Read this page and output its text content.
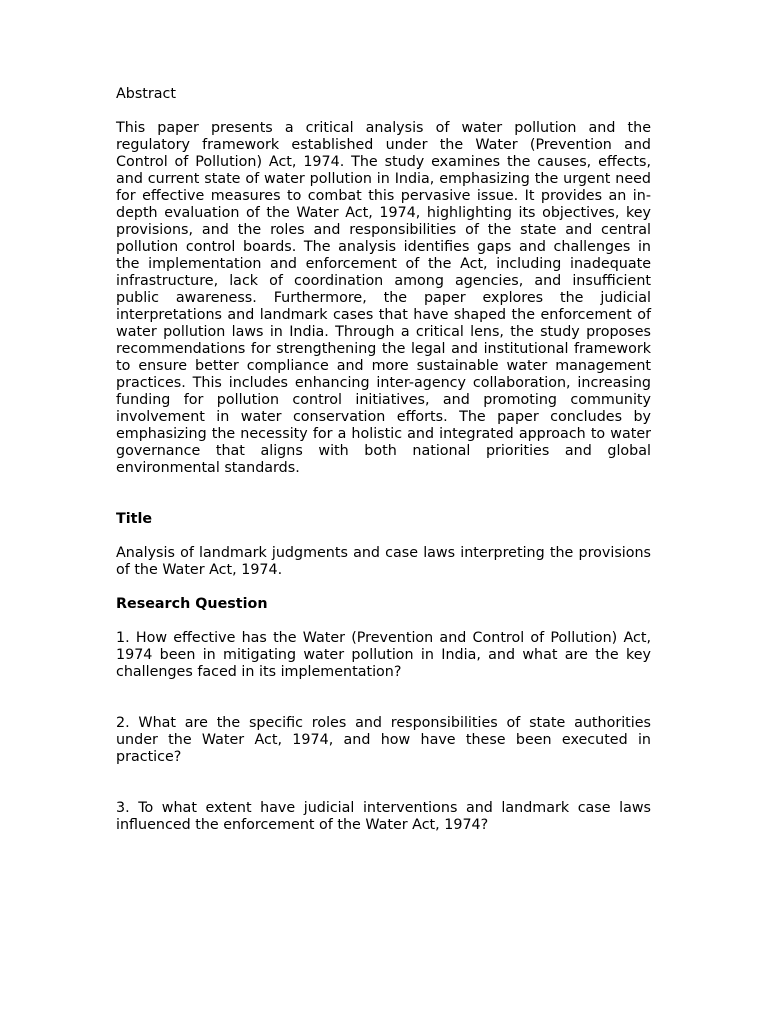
Abstract

This paper presents a critical analysis of water pollution and the regulatory framework established under the Water (Prevention and Control of Pollution) Act, 1974. The study examines the causes, effects, and current state of water pollution in India, emphasizing the urgent need for effective measures to combat this pervasive issue. It provides an in-depth evaluation of the Water Act, 1974, highlighting its objectives, key provisions, and the roles and responsibilities of the state and central pollution control boards. The analysis identifies gaps and challenges in the implementation and enforcement of the Act, including inadequate infrastructure, lack of coordination among agencies, and insufficient public awareness. Furthermore, the paper explores the judicial interpretations and landmark cases that have shaped the enforcement of water pollution laws in India. Through a critical lens, the study proposes recommendations for strengthening the legal and institutional framework to ensure better compliance and more sustainable water management practices. This includes enhancing inter-agency collaboration, increasing funding for pollution control initiatives, and promoting community involvement in water conservation efforts. The paper concludes by emphasizing the necessity for a holistic and integrated approach to water governance that aligns with both national priorities and global environmental standards.

Title

Analysis of landmark judgments and case laws interpreting the provisions of the Water Act, 1974.

Research Question

1. How effective has the Water (Prevention and Control of Pollution) Act, 1974 been in mitigating water pollution in India, and what are the key challenges faced in its implementation?

2. What are the specific roles and responsibilities of state authorities under the Water Act, 1974, and how have these been executed in practice?

3. To what extent have judicial interventions and landmark case laws influenced the enforcement of the Water Act, 1974?
